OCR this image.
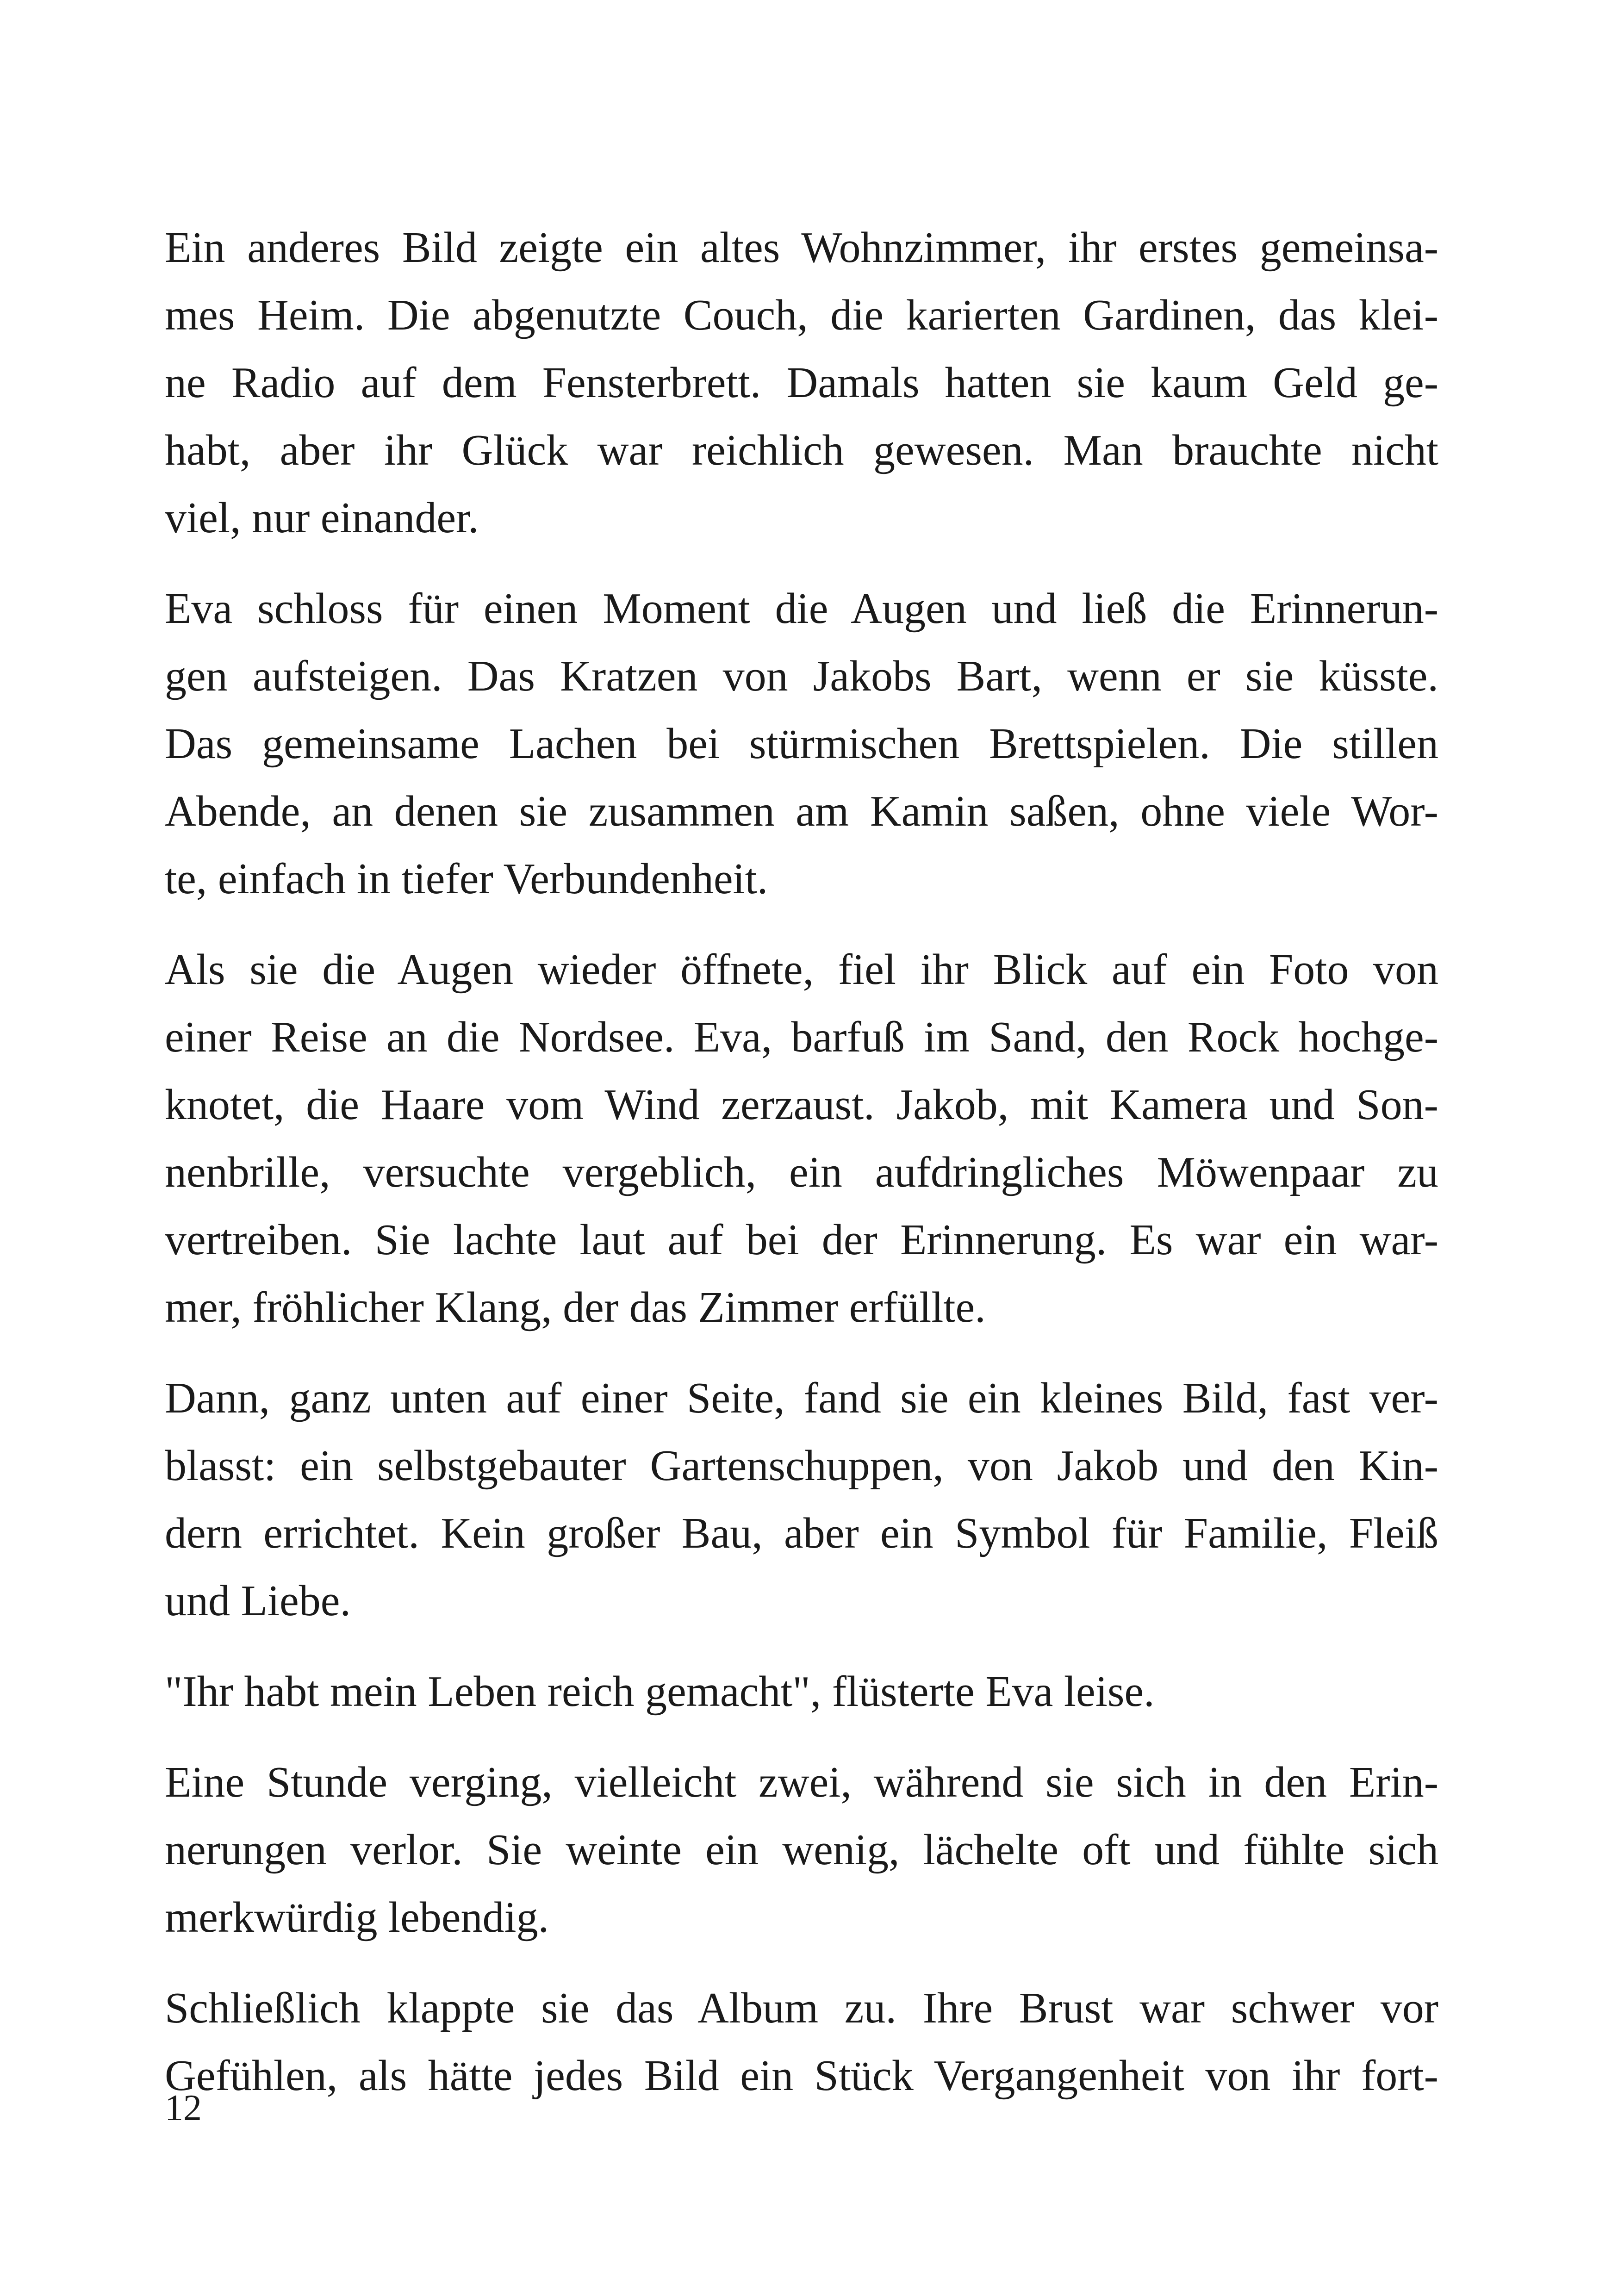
Ein anderes Bild zeigte ein altes Wohnzimmer, ihr erstes gemeinsa-
mes Heim. Die abgenutzte Couch, die karierten Gardinen, das klei-
ne Radio auf dem Fensterbrett. Damals hatten sie kaum Geld ge-
habt, aber ihr Glück war reichlich gewesen. Man brauchte nicht
viel, nur einander.
Eva schloss für einen Moment die Augen und ließ die Erinnerun-
gen aufsteigen. Das Kratzen von Jakobs Bart, wenn er sie küsste.
Das gemeinsame Lachen bei stürmischen Brettspielen. Die stillen
Abende, an denen sie zusammen am Kamin saßen, ohne viele Wor-
te, einfach in tiefer Verbundenheit.
Als sie die Augen wieder öffnete, fiel ihr Blick auf ein Foto von
einer Reise an die Nordsee. Eva, barfuß im Sand, den Rock hochge-
knotet, die Haare vom Wind zerzaust. Jakob, mit Kamera und Son-
nenbrille, versuchte vergeblich, ein aufdringliches Möwenpaar zu
vertreiben. Sie lachte laut auf bei der Erinnerung. Es war ein war-
mer, fröhlicher Klang, der das Zimmer erfüllte.
Dann, ganz unten auf einer Seite, fand sie ein kleines Bild, fast ver-
blasst: ein selbstgebauter Gartenschuppen, von Jakob und den Kin-
dern errichtet. Kein großer Bau, aber ein Symbol für Familie, Fleiß
und Liebe.
"Ihr habt mein Leben reich gemacht", flüsterte Eva leise.
Eine Stunde verging, vielleicht zwei, während sie sich in den Erin-
nerungen verlor. Sie weinte ein wenig, lächelte oft und fühlte sich
merkwürdig lebendig.
Schließlich klappte sie das Album zu. Ihre Brust war schwer vor
Gefühlen, als hätte jedes Bild ein Stück Vergangenheit von ihr fort-
12
